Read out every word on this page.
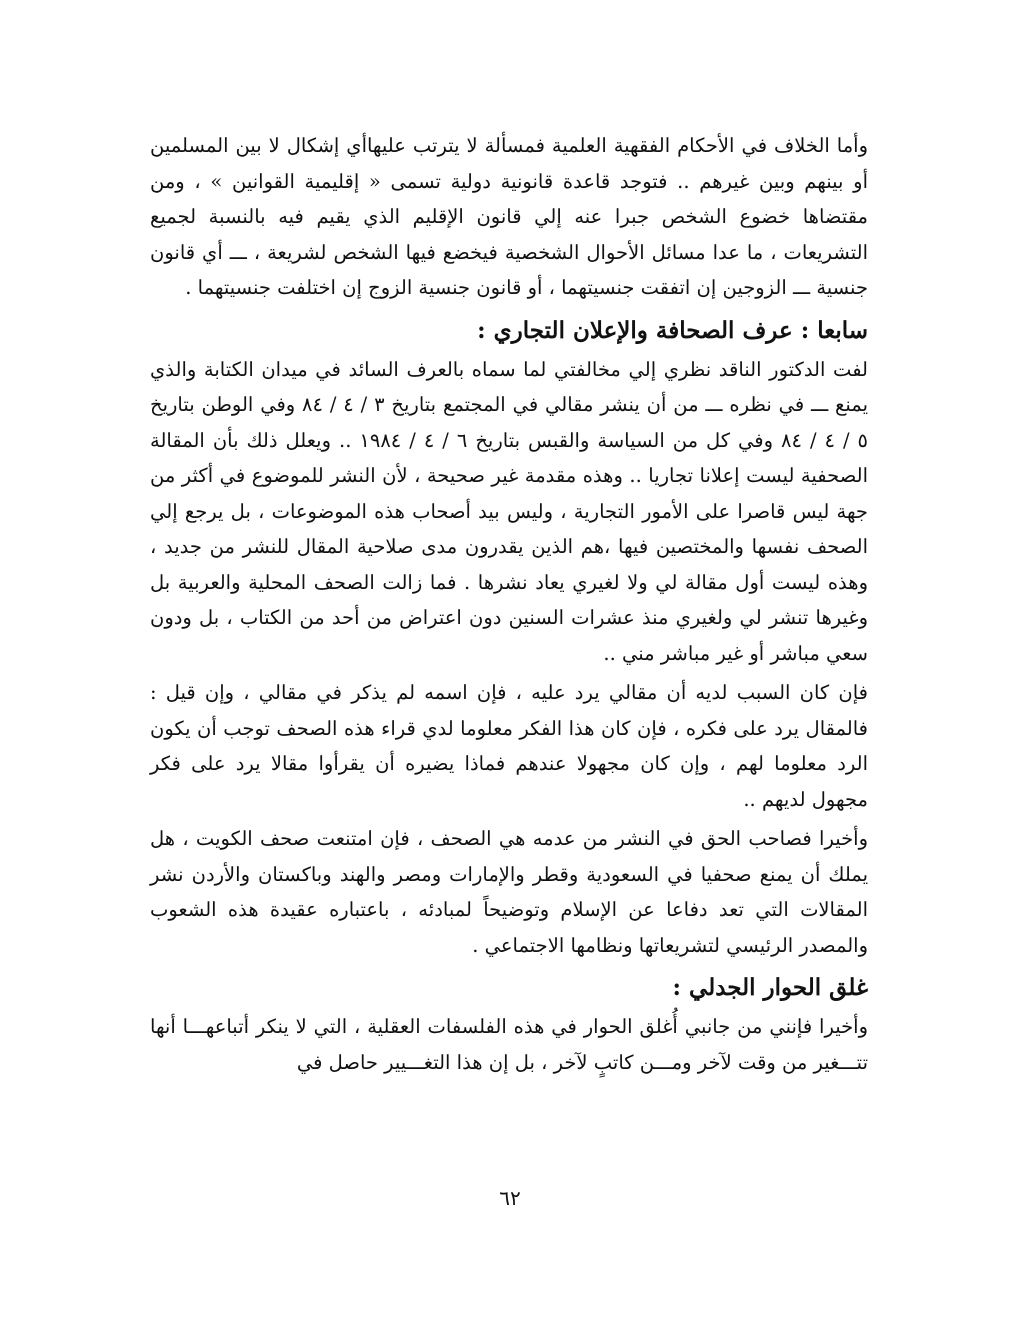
وأما الخلاف في الأحكام الفقهية العلمية فمسألة لا يترتب عليهاأي إشكال لا بين المسلمين أو بينهم وبين غيرهم .. فتوجد قاعدة قانونية دولية تسمى « إقليمية القوانين » ، ومن مقتضاها خضوع الشخص جبرا عنه إلي قانون الإقليم الذي يقيم فيه بالنسبة لجميع التشريعات ، ما عدا مسائل الأحوال الشخصية فيخضع فيها الشخص لشريعة ، ـــ أي قانون جنسية ـــ الزوجين إن اتفقت جنسيتهما ، أو قانون جنسية الزوج إن اختلفت جنسيتهما .

سابعا : عرف الصحافة والإعلان التجاري :

لفت الدكتور الناقد نظري إلي مخالفتي لما سماه بالعرف السائد في ميدان الكتابة والذي يمنع ـــ في نظره ـــ من أن ينشر مقالي في المجتمع بتاريخ ٣ / ٤ / ٨٤ وفي الوطن بتاريخ ٥ / ٤ / ٨٤ وفي كل من السياسة والقبس بتاريخ ٦ / ٤ / ١٩٨٤ .. ويعلل ذلك بأن المقالة الصحفية ليست إعلانا تجاريا .. وهذه مقدمة غير صحيحة ، لأن النشر للموضوع في أكثر من جهة ليس قاصرا على الأمور التجارية ، وليس بيد أصحاب هذه الموضوعات ، بل يرجع إلي الصحف نفسها والمختصين فيها ،هم الذين يقدرون مدى صلاحية المقال للنشر من جديد ، وهذه ليست أول مقالة لي ولا لغيري يعاد نشرها . فما زالت الصحف المحلية والعربية بل وغيرها تنشر لي ولغيري منذ عشرات السنين دون اعتراض من أحد من الكتاب ، بل ودون سعي مباشر أو غير مباشر مني ..

فإن كان السبب لديه أن مقالي يرد عليه ، فإن اسمه لم يذكر في مقالي ، وإن قيل : فالمقال يرد على فكره ، فإن كان هذا الفكر معلوما لدي قراء هذه الصحف توجب أن يكون الرد معلوما لهم ، وإن كان مجهولا عندهم فماذا يضيره أن يقرأوا مقالا يرد على فكر مجهول لديهم ..

وأخيرا فصاحب الحق في النشر من عدمه هي الصحف ، فإن امتنعت صحف الكويت ، هل يملك أن يمنع صحفيا في السعودية وقطر والإمارات ومصر والهند وباكستان والأردن نشر المقالات التي تعد دفاعا عن الإسلام وتوضيحاً لمبادئه ، باعتباره عقيدة هذه الشعوب والمصدر الرئيسي لتشريعاتها ونظامها الاجتماعي .

غلق الحوار الجدلي :

وأخيرا فإنني من جانبي أُغلق الحوار في هذه الفلسفات العقلية ، التي لا ينكر أتباعهـــا أنها تتـــغير من وقت لآخر ومـــن كاتبٍ لآخر ، بل إن هذا التغـــيير حاصل في

٦٢
